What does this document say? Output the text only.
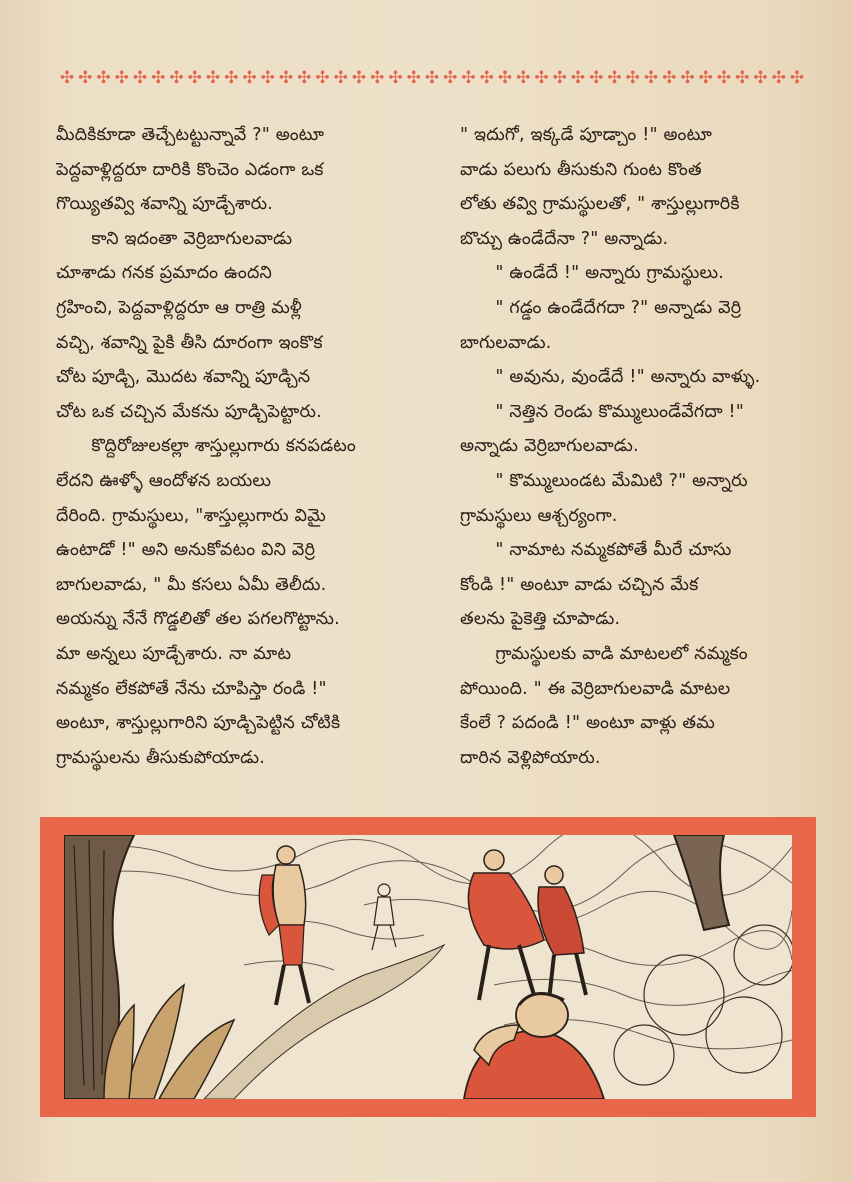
✣ ✣ ✣ ✣ ✣ ✣ ✣ ✣ ✣ ✣ ✣ ✣ ✣ ✣ ✣ ✣ ✣ ✣ ✣ ✣ ✣ ✣ ✣ ✣ ✣ ✣ ✣ ✣ ✣ ✣ ✣ ✣ ✣ ✣ ✣ ✣ ✣ ✣ ✣ ✣ ✣
మీదికికూడా తెచ్చేటట్టున్నావే ?" అంటూ
పెద్దవాళ్లిద్దరూ దారికి కొంచెం ఎడంగా ఒక
గొయ్యితవ్వి శవాన్ని పూడ్చేశారు.
  కాని ఇదంతా వెర్రిబాగులవాడు
చూశాడు గనక ప్రమాదం ఉందని
గ్రహించి, పెద్దవాళ్లిద్దరూ ఆ రాత్రి మళ్లీ
వచ్చి, శవాన్ని పైకి తీసి దూరంగా ఇంకొక
చోట పూడ్చి, మొదట శవాన్ని పూడ్చిన
చోట ఒక చచ్చిన మేకను పూడ్చిపెట్టారు.
  కొద్దిరోజులకల్లా శాస్తుల్లుగారు కనపడటం
లేదని ఊళ్ళో ఆందోళన బయలు
దేరింది. గ్రామస్థులు, "శాస్తుల్లుగారు విమై
ఉంటాడో !" అని అనుకోవటం విని వెర్రి
బాగులవాడు, " మీ కసలు ఏమీ తెలీదు.
అయన్ను నేనే గొడ్డలితో తల పగలగొట్టాను.
మా అన్నలు పూడ్చేశారు. నా మాట
నమ్మకం లేకపోతే నేను చూపిస్తా రండి !"
అంటూ, శాస్తుల్లుగారిని పూడ్చిపెట్టిన చోటికి
గ్రామస్థులను తీసుకుపోయాడు.
" ఇదుగో, ఇక్కడే పూడ్చాం !" అంటూ
వాడు పలుగు తీసుకుని గుంట కొంత
లోతు తవ్వి గ్రామస్థులతో, " శాస్తుల్లుగారికి
బొచ్చు ఉండేదేనా ?" అన్నాడు.
  " ఉండేదే !" అన్నారు గ్రామస్థులు.
  " గడ్డం ఉండేదేగదా ?" అన్నాడు వెర్రి
బాగులవాడు.
  " అవును, వుండేదే !" అన్నారు వాళ్ళు.
  " నెత్తిన రెండు కొమ్ములుండేవేగదా !"
అన్నాడు వెర్రిబాగులవాడు.
  " కొమ్ములుండట మేమిటి ?" అన్నారు
గ్రామస్థులు ఆశ్చర్యంగా.
  " నామాట నమ్మకపోతే మీరే చూసు
కోండి !" అంటూ వాడు చచ్చిన మేక
తలను పైకెత్తి చూపాడు.
  గ్రామస్థులకు వాడి మాటలలో నమ్మకం
పోయింది. " ఈ వెర్రిబాగులవాడి మాటల
కేంలే ? పదండి !" అంటూ వాళ్లు తమ
దారిన వెళ్లిపోయారు.
